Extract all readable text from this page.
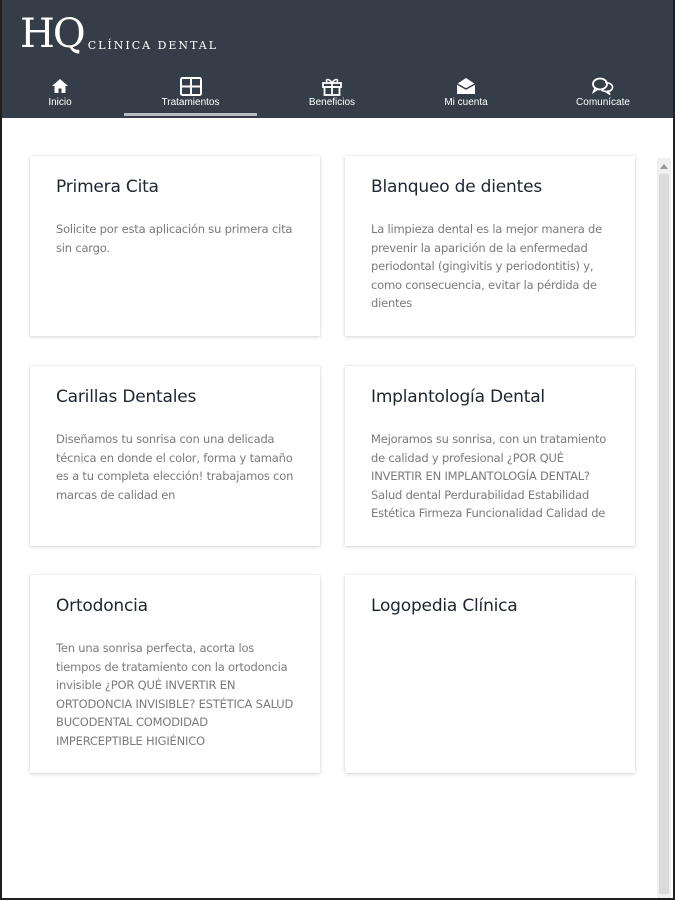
HQ CLÍNICA DENTAL
Inicio	Tratamientos	Beneficios	Mi cuenta	Comunícate
Primera Cita

Solicite por esta aplicación su primera cita sin cargo.

Blanqueo de dientes

La limpieza dental es la mejor manera de prevenir la aparición de la enfermedad periodontal (gingivitis y periodontitis) y, como consecuencia, evitar la pérdida de dientes

Carillas Dentales

Diseñamos tu sonrisa con una delicada técnica en donde el color, forma y tamaño es a tu completa elección! trabajamos con marcas de calidad en

Implantología Dental

Mejoramos su sonrisa, con un tratamiento de calidad y profesional ¿POR QUÉ INVERTIR EN IMPLANTOLOGÍA DENTAL? Salud dental Perdurabilidad Estabilidad Estética Firmeza Funcionalidad Calidad de

Ortodoncia

Ten una sonrisa perfecta, acorta los tiempos de tratamiento con la ortodoncia invisible ¿POR QUÉ INVERTIR EN ORTODONCIA INVISIBLE? ESTÉTICA SALUD BUCODENTAL COMODIDAD IMPERCEPTIBLE HIGIÉNICO

Logopedia Clínica
